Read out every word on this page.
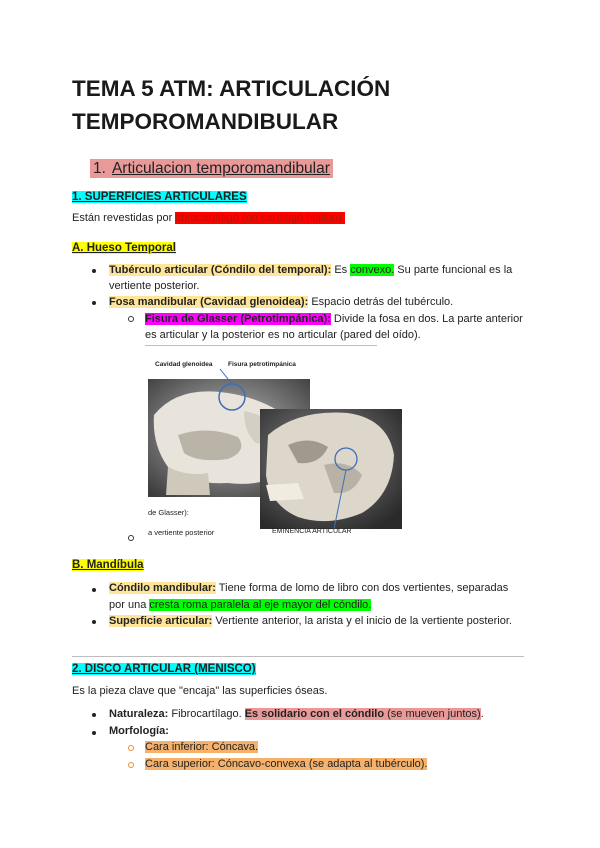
TEMA 5 ATM: ARTICULACIÓN TEMPOROMANDIBULAR
1. Articulacion temporomandibular
1. SUPERFICIES ARTICULARES
Están revestidas por fibrocartílago (no cartílago hialino).
A. Hueso Temporal
Tubérculo articular (Cóndilo del temporal): Es convexo. Su parte funcional es la
vertiente posterior.
Fosa mandibular (Cavidad glenoidea): Espacio detrás del tubérculo.
Fisura de Glasser (Petrotimpánica): Divide la fosa en dos. La parte anterior
es articular y la posterior es no articular (pared del oído).
Cavidad glenoidea Fisura petrotimpánica
de Glasser):
a vertiente posterior	EMINENCIA ARTICULAR
B. Mandíbula
Cóndilo mandibular: Tiene forma de lomo de libro con dos vertientes, separadas
por una cresta roma paralela al eje mayor del cóndilo.
Superficie articular: Vertiente anterior, la arista y el inicio de la vertiente posterior.
2. DISCO ARTICULAR (MENISCO)
Es la pieza clave que "encaja" las superficies óseas.
Naturaleza: Fibrocartílago. Es solidario con el cóndilo (se mueven juntos).
Morfología:
Cara inferior: Cóncava.
Cara superior: Cóncavo-convexa (se adapta al tubérculo).
